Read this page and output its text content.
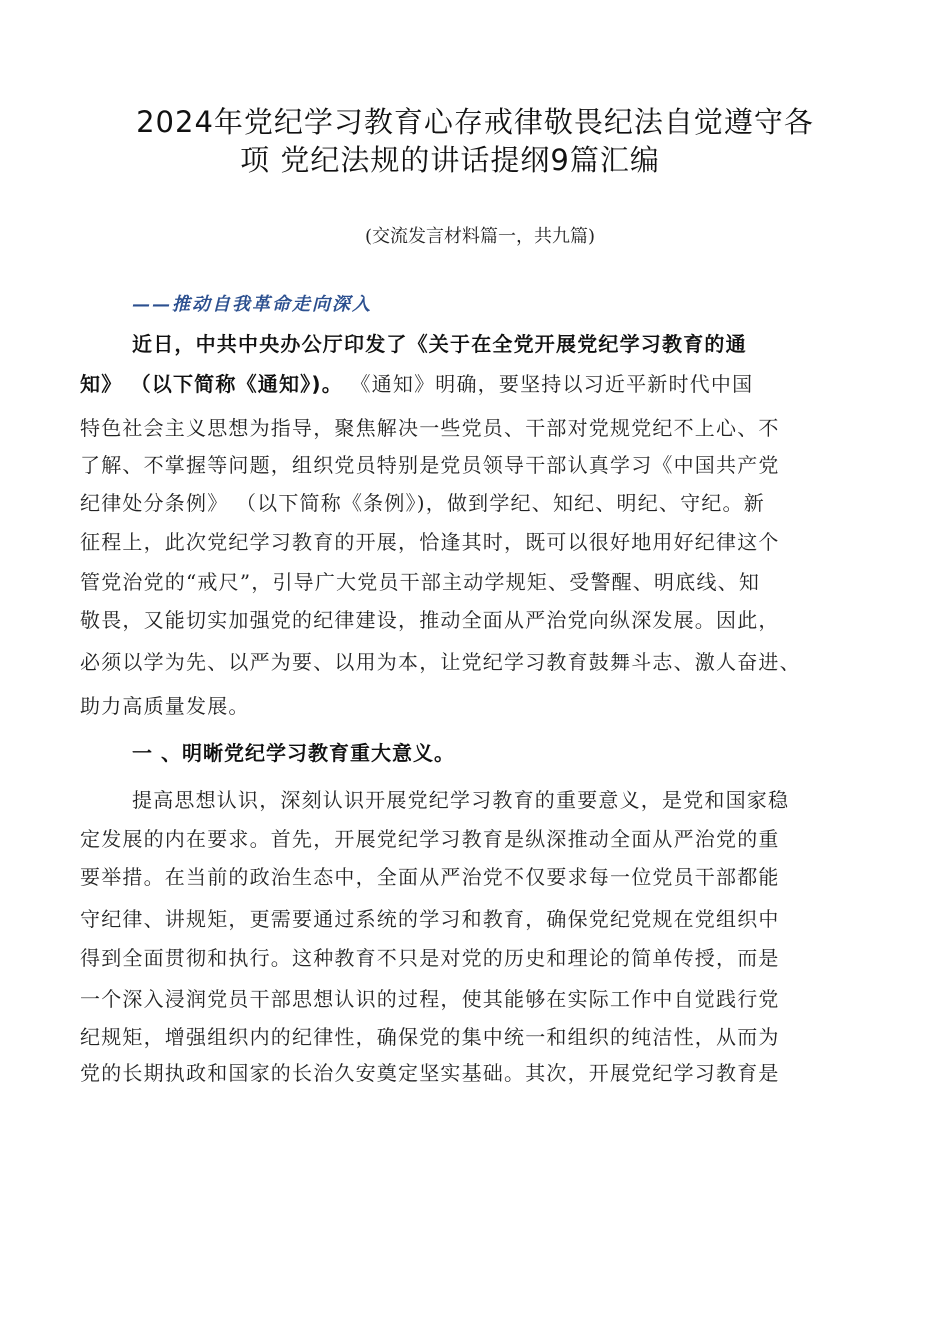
2024年党纪学习教育心存戒律敬畏纪法自觉遵守各
项 党纪法规的讲话提纲9篇汇编
(交流发言材料篇一，共九篇)
——推动自我革命走向深入
近日，中共中央办公厅印发了《关于在全党开展党纪学习教育的通
知》 （以下简称《通知》)。 《通知》明确，要坚持以习近平新时代中国
特色社会主义思想为指导，聚焦解决一些党员、干部对党规党纪不上心、不
了解、不掌握等问题，组织党员特别是党员领导干部认真学习《中国共产党
纪律处分条例》 （以下简称《条例》)，做到学纪、知纪、明纪、守纪。新
征程上，此次党纪学习教育的开展，恰逢其时，既可以很好地用好纪律这个
管党治党的“戒尺”，引导广大党员干部主动学规矩、受警醒、明底线、知
敬畏，又能切实加强党的纪律建设，推动全面从严治党向纵深发展。因此，
必须以学为先、以严为要、以用为本，让党纪学习教育鼓舞斗志、激人奋进、
助力高质量发展。
一 、明晰党纪学习教育重大意义。
提高思想认识，深刻认识开展党纪学习教育的重要意义，是党和国家稳
定发展的内在要求。首先，开展党纪学习教育是纵深推动全面从严治党的重
要举措。在当前的政治生态中，全面从严治党不仅要求每一位党员干部都能
守纪律、讲规矩，更需要通过系统的学习和教育，确保党纪党规在党组织中
得到全面贯彻和执行。这种教育不只是对党的历史和理论的简单传授，而是
一个深入浸润党员干部思想认识的过程，使其能够在实际工作中自觉践行党
纪规矩，增强组织内的纪律性，确保党的集中统一和组织的纯洁性，从而为
党的长期执政和国家的长治久安奠定坚实基础。其次，开展党纪学习教育是
